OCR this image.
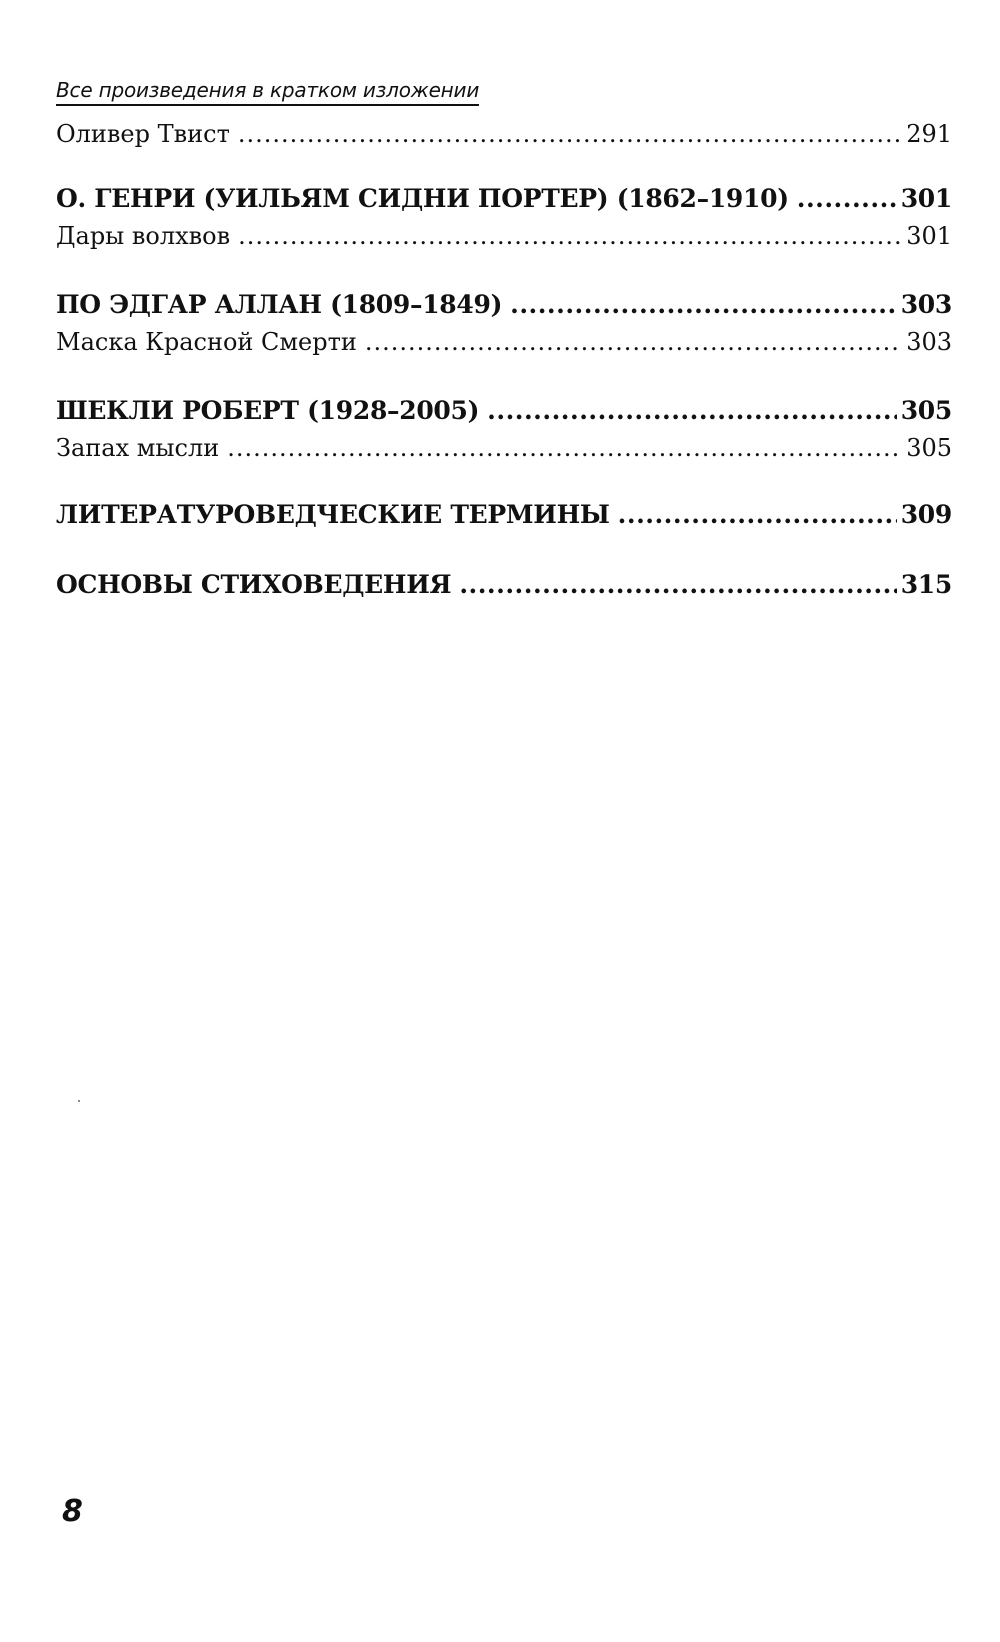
Все произведения в кратком изложении
Оливер Твист .....	291
О. ГЕНРИ (УИЛЬЯМ СИДНИ ПОРТЕР) (1862–1910) .....	301
Дары волхвов .....	301
ПО ЭДГАР АЛЛАН (1809–1849) .....	303
Маска Красной Смерти .....	303
ШЕКЛИ РОБЕРТ (1928–2005) .....	305
Запах мысли .....	305
ЛИТЕРАТУРОВЕДЧЕСКИЕ ТЕРМИНЫ .....	309
ОСНОВЫ СТИХОВЕДЕНИЯ .....	315
8
